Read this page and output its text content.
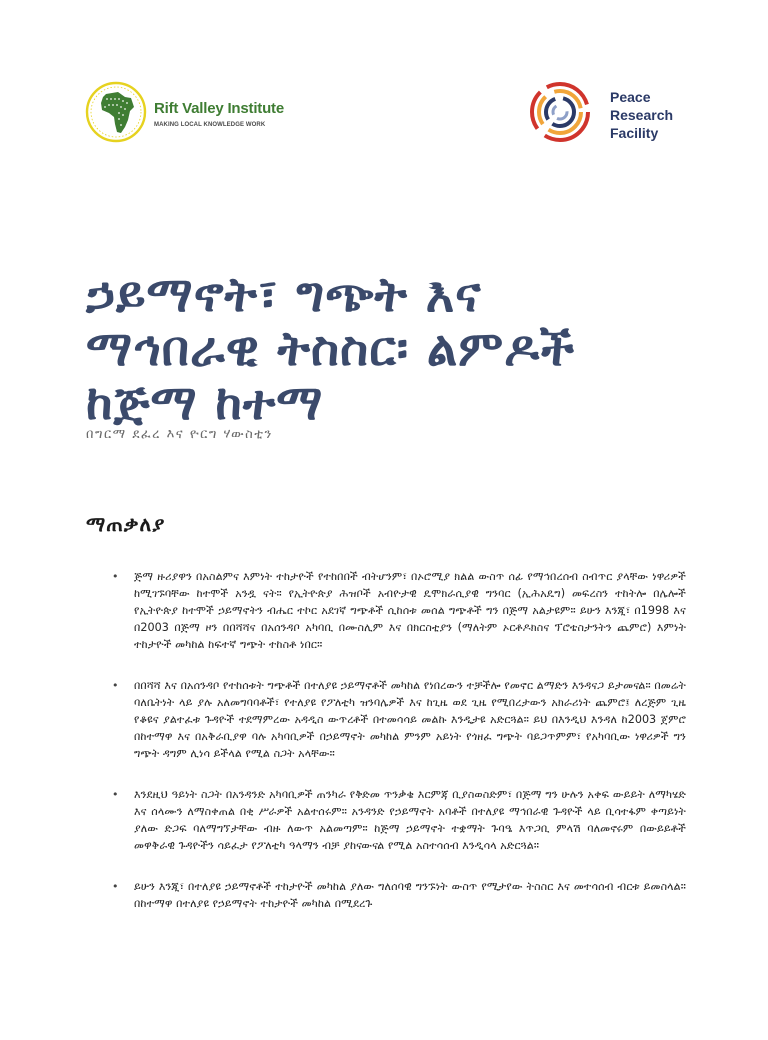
Rift Valley Institute
MAKING LOCAL KNOWLEDGE WORK
Peace
Research
Facility
ኃይማኖት፣ ግጭት እና
ማኅበራዊ ትስስር፡ ልምዶች
ከጅማ ከተማ
በግርማ ደፈረ እና ዮርግ ሃውስቲን
ማጠቃለያ
• ጅማ ዙሪያዋን በአስልምና እምነት ተከታዮች የተከበበች ብትሆንም፣ በኦሮሚያ ክልል ውስጥ ሰፊ የማኅበረሰብ ስብጥር ያላቸው ነዋሪዎች ከሚገኙባቸው ከተሞች አንዷ ናት። የኢትዮጵያ ሕዝቦች አብዮታዊ ዴሞክራሲያዊ ግንባር (ኢሕአዴግ) መፍረስን ተከትሎ በሌሎች የኢትዮጵያ ከተሞች ኃይማኖትን ብሔር ተኮር አደገኛ ግጭቶች ሲከሰቱ መሰል ግጭቶች ግን በጅማ አልታዩም። ይሁን እንጂ፣ በ1998 እና በ2003 በጅማ ዞን በበሻሻና በአሰንዳቦ አካባቢ በሙስሊም እና በክርስቲያን (ማለትም ኦርቶዶክስና ፕሮቴስታንትን ጨምሮ) እምነት ተከታዮች መካከል ከፍተኛ ግጭት ተከስቶ ነበር።
• በበሻሻ እና በአሰንዳቦ የተከሰቱት ግጭቶች በተለያዩ ኃይማኖቶች መካከል የነበረውን ተቻችሎ የመኖር ልማድን እንዳናጋ ይታመናል። በመሬት ባለቤትነት ላይ ያሉ አለመግባባቶች፣ የተለያዩ የፖለቲካ ዝንባሌዎች እና ከጊዜ ወደ ጊዜ የሚበረታውን አክራሪነት ጨምሮ፤ ለረጅም ጊዜ የቆዩና ያልተፈቱ ጉዳዮች ተደማምረው አዳዲስ ውጥረቶች በተመሳሳይ መልኩ እንዲታዩ አድርጓል። ይህ በእንዲህ እንዳለ ከ2003 ጀምሮ በከተማዋ እና በአቅራቢያዋ ባሉ አካባቢዎች በኃይማኖት መካከል ምንም አይነት የጎዘፈ ግጭት ባይጋጥምም፣ የአካባቢው ነዋሪዎች ግን ግጭት ዳግም ሊነሳ ይችላል የሚል ስጋት አላቸው።
• እንደዚህ ዓይነት ስጋት በአንዳንድ አካባቢዎች ጠንካራ የቅድመ ጥንቃቄ እርምጃ ቢያስወስድም፣ በጅማ ግን ሁሉን አቀፍ ውይይት ለማካሄድ እና ሰላሙን ለማስቀጠል በቂ ሥራዎች አልተሰሩም። አንዳንድ የኃይማኖት አባቶች በተለያዩ ማኅበራዊ ጉዳዮች ላይ ቢሳተፋም ቀጣይነት ያለው ድጋፍ ባለማግኘታቸው ብዙ ለውጥ አልመጣም። ከጅማ ኃይማኖት ተቋማት ጉባዔ እጥጋቢ ምላሽ ባለመኖሩም በውይይቶች መዋቅራዊ ጉዳዮችን ሳይፈታ የፖለቲካ ዓላማን ብቻ ያከናውናል የሚል አስተሳሰብ እንዲሳላ አድርጓል።
• ይሁን እንጂ፣ በተለያዩ ኃይማኖቶች ተከታዮች መካከል ያለው ግለሰባዊ ግንኙነት ውስጥ የሚታየው ትስስር እና መተሳሰብ ብርቱ ይመስላል። በከተማዋ በተለያዩ የኃይማኖት ተከታዮች መካከል በሚደረጉ
